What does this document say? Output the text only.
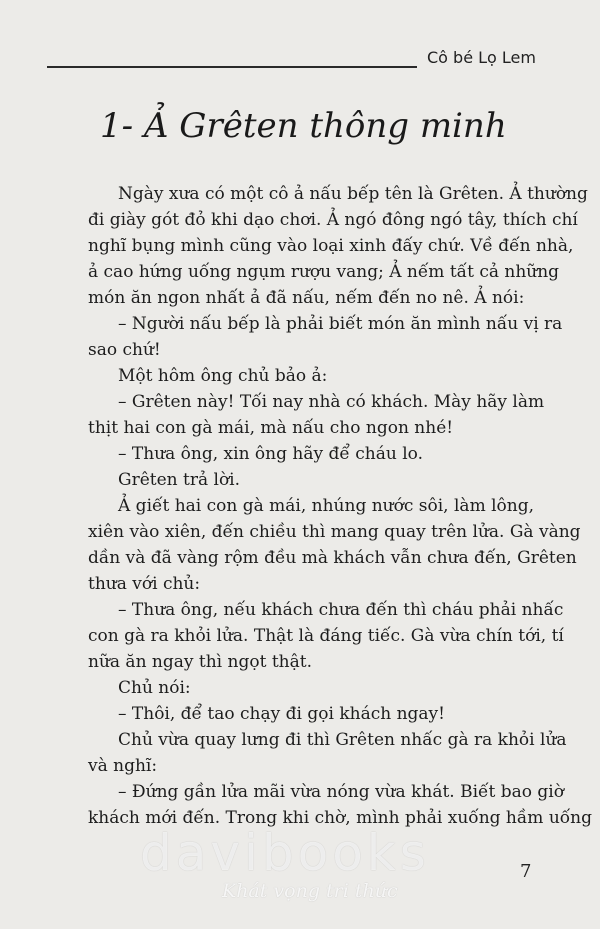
Cô bé Lọ Lem
1- Ả Grêten thông minh
Ngày xưa có một cô ả nấu bếp tên là Grêten. Ả thường
đi giày gót đỏ khi dạo chơi. Ả ngó đông ngó tây, thích chí
nghĩ bụng mình cũng vào loại xinh đấy chứ. Về đến nhà,
ả cao hứng uống ngụm rượu vang; Ả nếm tất cả những
món ăn ngon nhất ả đã nấu, nếm đến no nê. Ả nói:
– Người nấu bếp là phải biết món ăn mình nấu vị ra
sao chứ!
Một hôm ông chủ bảo ả:
– Grêten này! Tối nay nhà có khách. Mày hãy làm
thịt hai con gà mái, mà nấu cho ngon nhé!
– Thưa ông, xin ông hãy để cháu lo.
Grêten trả lời.
Ả giết hai con gà mái, nhúng nước sôi, làm lông,
xiên vào xiên, đến chiều thì mang quay trên lửa. Gà vàng
dần và đã vàng rộm đều mà khách vẫn chưa đến, Grêten
thưa với chủ:
– Thưa ông, nếu khách chưa đến thì cháu phải nhấc
con gà ra khỏi lửa. Thật là đáng tiếc. Gà vừa chín tới, tí
nữa ăn ngay thì ngọt thật.
Chủ nói:
– Thôi, để tao chạy đi gọi khách ngay!
Chủ vừa quay lưng đi thì Grêten nhấc gà ra khỏi lửa
và nghĩ:
– Đứng gần lửa mãi vừa nóng vừa khát. Biết bao giờ
khách mới đến. Trong khi chờ, mình phải xuống hầm uống
davibooks
Khát vọng tri thức
7
